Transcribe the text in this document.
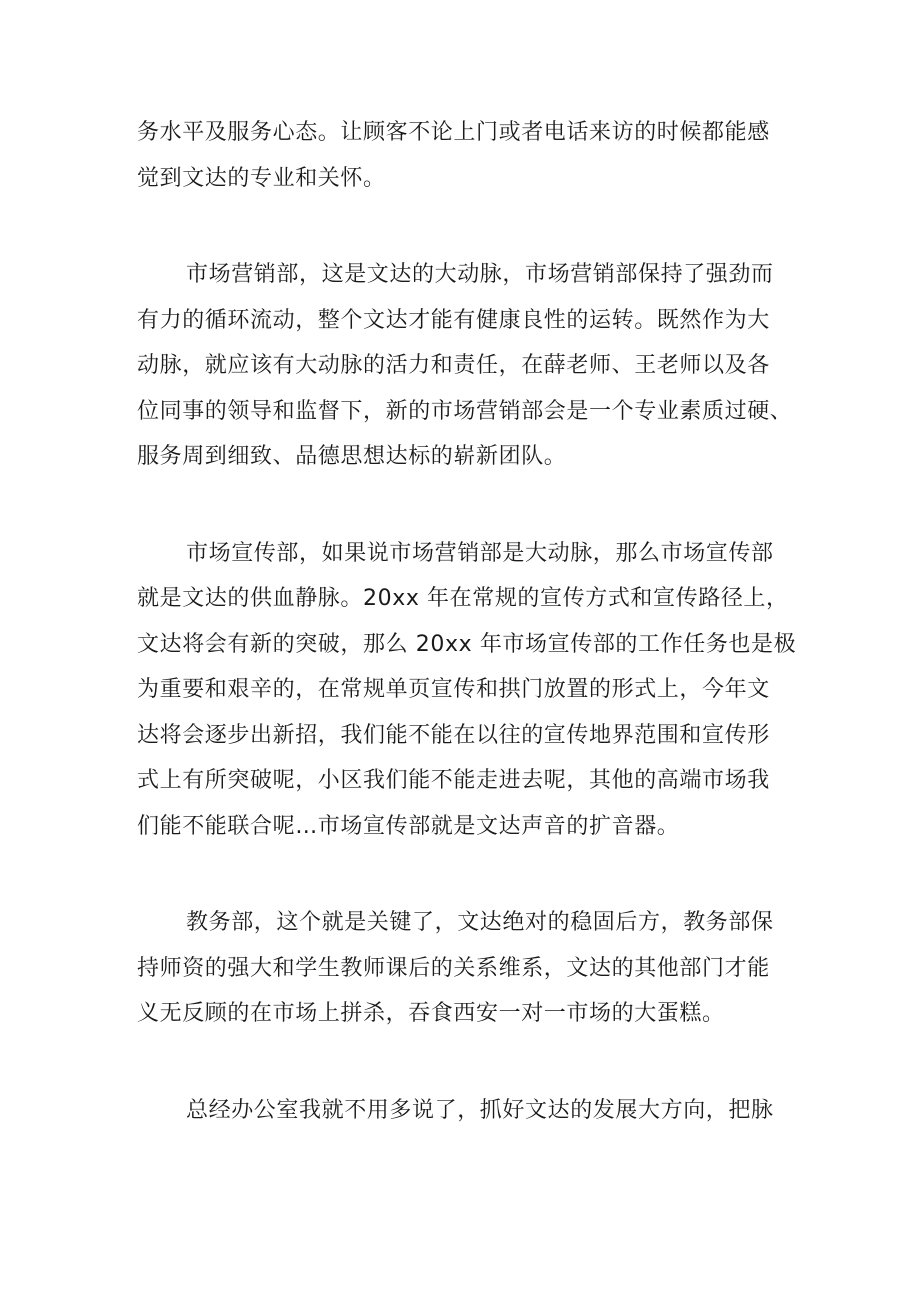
务水平及服务心态。让顾客不论上门或者电话来访的时候都能感
觉到文达的专业和关怀。
市场营销部，这是文达的大动脉，市场营销部保持了强劲而
有力的循环流动，整个文达才能有健康良性的运转。既然作为大
动脉，就应该有大动脉的活力和责任，在薛老师、王老师以及各
位同事的领导和监督下，新的市场营销部会是一个专业素质过硬、
服务周到细致、品德思想达标的崭新团队。
市场宣传部，如果说市场营销部是大动脉，那么市场宣传部
就是文达的供血静脉。20xx 年在常规的宣传方式和宣传路径上，
文达将会有新的突破，那么 20xx 年市场宣传部的工作任务也是极
为重要和艰辛的，在常规单页宣传和拱门放置的形式上，今年文
达将会逐步出新招，我们能不能在以往的宣传地界范围和宣传形
式上有所突破呢，小区我们能不能走进去呢，其他的高端市场我
们能不能联合呢…市场宣传部就是文达声音的扩音器。
教务部，这个就是关键了，文达绝对的稳固后方，教务部保
持师资的强大和学生教师课后的关系维系，文达的其他部门才能
义无反顾的在市场上拼杀，吞食西安一对一市场的大蛋糕。
总经办公室我就不用多说了，抓好文达的发展大方向，把脉
